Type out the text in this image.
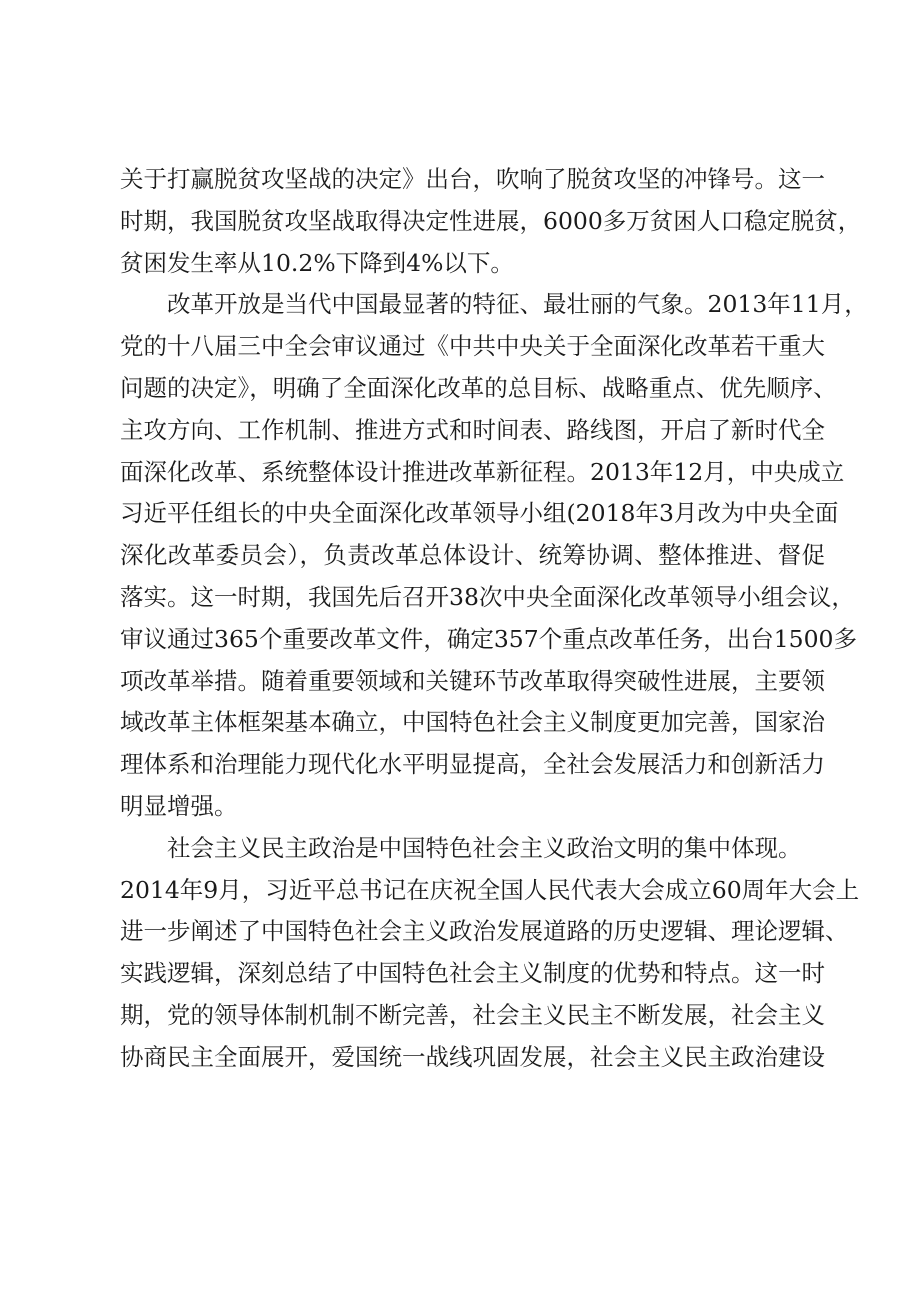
关于打赢脱贫攻坚战的决定》出台，吹响了脱贫攻坚的冲锋号。这一
时期，我国脱贫攻坚战取得决定性进展，6000多万贫困人口稳定脱贫，
贫困发生率从10.2%下降到4%以下。
改革开放是当代中国最显著的特征、最壮丽的气象。2013年11月，
党的十八届三中全会审议通过《中共中央关于全面深化改革若干重大
问题的决定》，明确了全面深化改革的总目标、战略重点、优先顺序、
主攻方向、工作机制、推进方式和时间表、路线图，开启了新时代全
面深化改革、系统整体设计推进改革新征程。2013年12月，中央成立
习近平任组长的中央全面深化改革领导小组(2018年3月改为中央全面
深化改革委员会），负责改革总体设计、统筹协调、整体推进、督促
落实。这一时期，我国先后召开38次中央全面深化改革领导小组会议，
审议通过365个重要改革文件，确定357个重点改革任务，出台1500多
项改革举措。随着重要领域和关键环节改革取得突破性进展，主要领
域改革主体框架基本确立，中国特色社会主义制度更加完善，国家治
理体系和治理能力现代化水平明显提高，全社会发展活力和创新活力
明显增强。
社会主义民主政治是中国特色社会主义政治文明的集中体现。
2014年9月，习近平总书记在庆祝全国人民代表大会成立60周年大会上
进一步阐述了中国特色社会主义政治发展道路的历史逻辑、理论逻辑、
实践逻辑，深刻总结了中国特色社会主义制度的优势和特点。这一时
期，党的领导体制机制不断完善，社会主义民主不断发展，社会主义
协商民主全面展开，爱国统一战线巩固发展，社会主义民主政治建设
